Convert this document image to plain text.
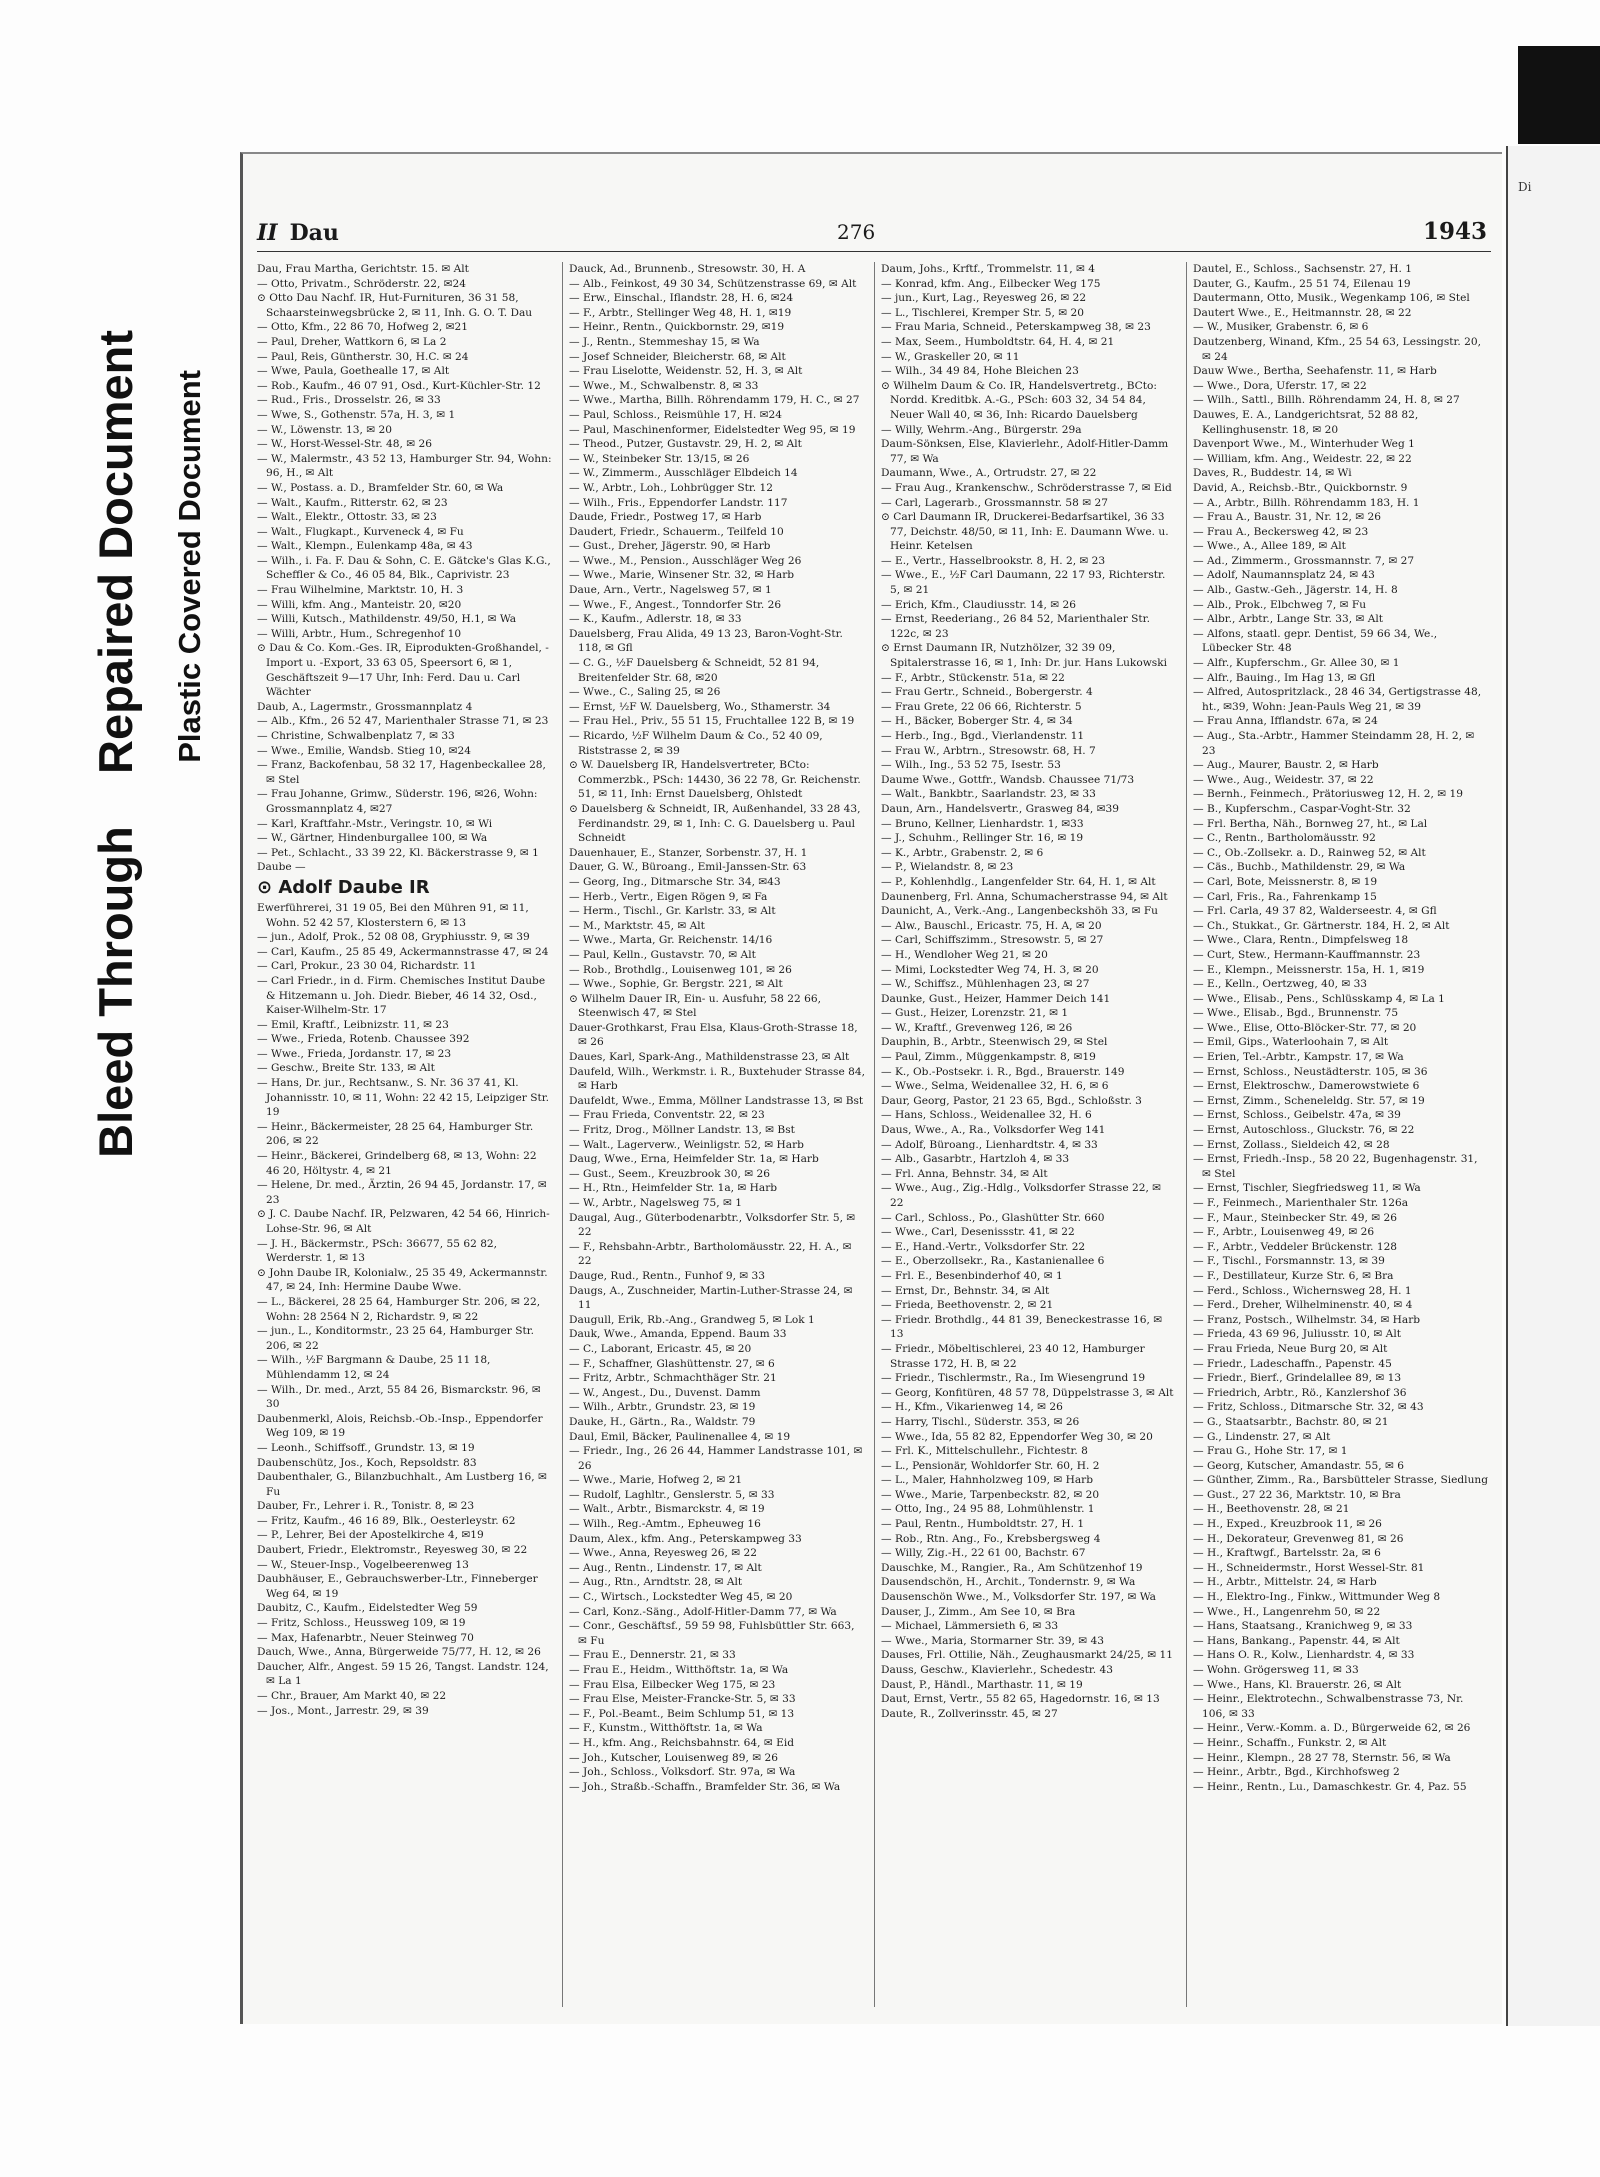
Di
Bleed Through    Repaired Document Plastic Covered Document
II Dau	276	1943
Dau, Frau Martha, Gerichtstr. 15. ✉ Alt
— Otto, Privatm., Schröderstr. 22, ✉24
⊙ Otto Dau Nachf. IR, Hut-Furnituren, 36 31 58, Schaarsteinwegsbrücke 2, ✉ 11, Inh. G. O. T. Dau
— Otto, Kfm., 22 86 70, Hofweg 2, ✉21
— Paul, Dreher, Wattkorn 6, ✉ La 2
— Paul, Reis, Güntherstr. 30, H.C. ✉ 24
— Wwe, Paula, Goethealle 17, ✉ Alt
— Rob., Kaufm., 46 07 91, Osd., Kurt-Küchler-Str. 12
— Rud., Fris., Drosselstr. 26, ✉ 33
— Wwe, S., Gothenstr. 57a, H. 3, ✉ 1
— W., Löwenstr. 13, ✉ 20
— W., Horst-Wessel-Str. 48, ✉ 26
— W., Malermstr., 43 52 13, Hamburger Str. 94, Wohn: 96, H., ✉ Alt
— W., Postass. a. D., Bramfelder Str. 60, ✉ Wa
— Walt., Kaufm., Ritterstr. 62, ✉ 23
— Walt., Elektr., Ottostr. 33, ✉ 23
— Walt., Flugkapt., Kurveneck 4, ✉ Fu
— Walt., Klempn., Eulenkamp 48a, ✉ 43
— Wilh., i. Fa. F. Dau & Sohn, C. E. Gätcke's Glas K.G., Scheffler & Co., 46 05 84, Blk., Caprivistr. 23
— Frau Wilhelmine, Marktstr. 10, H. 3
— Willi, kfm. Ang., Manteistr. 20, ✉20
— Willi, Kutsch., Mathildenstr. 49/50, H.1, ✉ Wa
— Willi, Arbtr., Hum., Schregenhof 10
⊙ Dau & Co. Kom.-Ges. IR, Eiprodukten-Großhandel, -Import u. -Export, 33 63 05, Speersort 6, ✉ 1, Geschäftszeit 9—17 Uhr, Inh: Ferd. Dau u. Carl Wächter
Daub, A., Lagermstr., Grossmannplatz 4
— Alb., Kfm., 26 52 47, Marienthaler Strasse 71, ✉ 23
— Christine, Schwalbenplatz 7, ✉ 33
— Wwe., Emilie, Wandsb. Stieg 10, ✉24
— Franz, Backofenbau, 58 32 17, Hagenbeckallee 28, ✉ Stel
— Frau Johanne, Grimw., Süderstr. 196, ✉26, Wohn: Grossmannplatz 4, ✉27
— Karl, Kraftfahr.-Mstr., Veringstr. 10, ✉ Wi
— W., Gärtner, Hindenburgallee 100, ✉ Wa
— Pet., Schlacht., 33 39 22, Kl. Bäckerstrasse 9, ✉ 1
Daube —
⊙ Adolf Daube IR
Ewerführerei, 31 19 05, Bei den Mühren 91, ✉ 11, Wohn. 52 42 57, Klosterstern 6, ✉ 13
— jun., Adolf, Prok., 52 08 08, Gryphiusstr. 9, ✉ 39
— Carl, Kaufm., 25 85 49, Ackermannstrasse 47, ✉ 24
— Carl, Prokur., 23 30 04, Richardstr. 11
— Carl Friedr., in d. Firm. Chemisches Institut Daube & Hitzemann u. Joh. Diedr. Bieber, 46 14 32, Osd., Kaiser-Wilhelm-Str. 17
— Emil, Kraftf., Leibnizstr. 11, ✉ 23
— Wwe., Frieda, Rotenb. Chaussee 392
— Wwe., Frieda, Jordanstr. 17, ✉ 23
— Geschw., Breite Str. 133, ✉ Alt
— Hans, Dr. jur., Rechtsanw., S. Nr. 36 37 41, Kl. Johannisstr. 10, ✉ 11, Wohn: 22 42 15, Leipziger Str. 19
— Heinr., Bäckermeister, 28 25 64, Hamburger Str. 206, ✉ 22
— Heinr., Bäckerei, Grindelberg 68, ✉ 13, Wohn: 22 46 20, Höltystr. 4, ✉ 21
— Helene, Dr. med., Ärztin, 26 94 45, Jordanstr. 17, ✉ 23
⊙ J. C. Daube Nachf. IR, Pelzwaren, 42 54 66, Hinrich-Lohse-Str. 96, ✉ Alt
— J. H., Bäckermstr., PSch: 36677, 55 62 82, Werderstr. 1, ✉ 13
⊙ John Daube IR, Kolonialw., 25 35 49, Ackermannstr. 47, ✉ 24, Inh: Hermine Daube Wwe.
— L., Bäckerei, 28 25 64, Hamburger Str. 206, ✉ 22, Wohn: 28 2564 N 2, Richardstr. 9, ✉ 22
— jun., L., Konditormstr., 23 25 64, Hamburger Str. 206, ✉ 22
— Wilh., ½F Bargmann & Daube, 25 11 18, Mühlendamm 12, ✉ 24
— Wilh., Dr. med., Arzt, 55 84 26, Bismarckstr. 96, ✉ 30
Daubenmerkl, Alois, Reichsb.-Ob.-Insp., Eppendorfer Weg 109, ✉ 19
— Leonh., Schiffsoff., Grundstr. 13, ✉ 19
Daubenschütz, Jos., Koch, Repsoldstr. 83
Daubenthaler, G., Bilanzbuchhalt., Am Lustberg 16, ✉ Fu
Dauber, Fr., Lehrer i. R., Tonistr. 8, ✉ 23
— Fritz, Kaufm., 46 16 89, Blk., Oesterleystr. 62
— P., Lehrer, Bei der Apostelkirche 4, ✉19
Daubert, Friedr., Elektromstr., Reyesweg 30, ✉ 22
— W., Steuer-Insp., Vogelbeerenweg 13
Daubhäuser, E., Gebrauchswerber-Ltr., Finneberger Weg 64, ✉ 19
Daubitz, C., Kaufm., Eidelstedter Weg 59
— Fritz, Schloss., Heussweg 109, ✉ 19
— Max, Hafenarbtr., Neuer Steinweg 70
Dauch, Wwe., Anna, Bürgerweide 75/77, H. 12, ✉ 26
Daucher, Alfr., Angest. 59 15 26, Tangst. Landstr. 124, ✉ La 1
— Chr., Brauer, Am Markt 40, ✉ 22
— Jos., Mont., Jarrestr. 29, ✉ 39
Dauck, Ad., Brunnenb., Stresowstr. 30, H. A
— Alb., Feinkost, 49 30 34, Schützenstrasse 69, ✉ Alt
— Erw., Einschal., Iflandstr. 28, H. 6, ✉24
— F., Arbtr., Stellinger Weg 48, H. 1, ✉19
— Heinr., Rentn., Quickbornstr. 29, ✉19
— J., Rentn., Stemmeshay 15, ✉ Wa
— Josef Schneider, Bleicherstr. 68, ✉ Alt
— Frau Liselotte, Weidenstr. 52, H. 3, ✉ Alt
— Wwe., M., Schwalbenstr. 8, ✉ 33
— Wwe., Martha, Billh. Röhrendamm 179, H. C., ✉ 27
— Paul, Schloss., Reismühle 17, H. ✉24
— Paul, Maschinenformer, Eidelstedter Weg 95, ✉ 19
— Theod., Putzer, Gustavstr. 29, H. 2, ✉ Alt
— W., Steinbeker Str. 13/15, ✉ 26
— W., Zimmerm., Ausschläger Elbdeich 14
— W., Arbtr., Loh., Lohbrügger Str. 12
— Wilh., Fris., Eppendorfer Landstr. 117
Daude, Friedr., Postweg 17, ✉ Harb
Daudert, Friedr., Schauerm., Teilfeld 10
— Gust., Dreher, Jägerstr. 90, ✉ Harb
— Wwe., M., Pension., Ausschläger Weg 26
— Wwe., Marie, Winsener Str. 32, ✉ Harb
Daue, Arn., Vertr., Nagelsweg 57, ✉ 1
— Wwe., F., Angest., Tonndorfer Str. 26
— K., Kaufm., Adlerstr. 18, ✉ 33
Dauelsberg, Frau Alida, 49 13 23, Baron-Voght-Str. 118, ✉ Gfl
— C. G., ½F Dauelsberg & Schneidt, 52 81 94, Breitenfelder Str. 68, ✉20
— Wwe., C., Saling 25, ✉ 26
— Ernst, ½F W. Dauelsberg, Wo., Sthamerstr. 34
— Frau Hel., Priv., 55 51 15, Fruchtallee 122 B, ✉ 19
— Ricardo, ½F Wilhelm Daum & Co., 52 40 09, Riststrasse 2, ✉ 39
⊙ W. Dauelsberg IR, Handelsvertreter, BCto: Commerzbk., PSch: 14430, 36 22 78, Gr. Reichenstr. 51, ✉ 11, Inh: Ernst Dauelsberg, Ohlstedt
⊙ Dauelsberg & Schneidt, IR, Außenhandel, 33 28 43, Ferdinandstr. 29, ✉ 1, Inh: C. G. Dauelsberg u. Paul Schneidt
Dauenhauer, E., Stanzer, Sorbenstr. 37, H. 1
Dauer, G. W., Büroang., Emil-Janssen-Str. 63
— Georg, Ing., Ditmarsche Str. 34, ✉43
— Herb., Vertr., Eigen Rögen 9, ✉ Fa
— Herm., Tischl., Gr. Karlstr. 33, ✉ Alt
— M., Marktstr. 45, ✉ Alt
— Wwe., Marta, Gr. Reichenstr. 14/16
— Paul, Kelln., Gustavstr. 70, ✉ Alt
— Rob., Brothdlg., Louisenweg 101, ✉ 26
— Wwe., Sophie, Gr. Bergstr. 221, ✉ Alt
⊙ Wilhelm Dauer IR, Ein- u. Ausfuhr, 58 22 66, Steenwisch 47, ✉ Stel
Dauer-Grothkarst, Frau Elsa, Klaus-Groth-Strasse 18, ✉ 26
Daues, Karl, Spark-Ang., Mathildenstrasse 23, ✉ Alt
Daufeld, Wilh., Werkmstr. i. R., Buxtehuder Strasse 84, ✉ Harb
Daufeldt, Wwe., Emma, Möllner Landstrasse 13, ✉ Bst
— Frau Frieda, Conventstr. 22, ✉ 23
— Fritz, Drog., Möllner Landstr. 13, ✉ Bst
— Walt., Lagerverw., Weinligstr. 52, ✉ Harb
Daug, Wwe., Erna, Heimfelder Str. 1a, ✉ Harb
— Gust., Seem., Kreuzbrook 30, ✉ 26
— H., Rtn., Heimfelder Str. 1a, ✉ Harb
— W., Arbtr., Nagelsweg 75, ✉ 1
Daugal, Aug., Güterbodenarbtr., Volksdorfer Str. 5, ✉ 22
— F., Rehsbahn-Arbtr., Bartholomäusstr. 22, H. A., ✉ 22
Dauge, Rud., Rentn., Funhof 9, ✉ 33
Daugs, A., Zuschneider, Martin-Luther-Strasse 24, ✉ 11
Daugull, Erik, Rb.-Ang., Grandweg 5, ✉ Lok 1
Dauk, Wwe., Amanda, Eppend. Baum 33
— C., Laborant, Ericastr. 45, ✉ 20
— F., Schaffner, Glashüttenstr. 27, ✉ 6
— Fritz, Arbtr., Schmachthäger Str. 21
— W., Angest., Du., Duvenst. Damm
— Wilh., Arbtr., Grundstr. 23, ✉ 19
Dauke, H., Gärtn., Ra., Waldstr. 79
Daul, Emil, Bäcker, Paulinenallee 4, ✉ 19
— Friedr., Ing., 26 26 44, Hammer Landstrasse 101, ✉ 26
— Wwe., Marie, Hofweg 2, ✉ 21
— Rudolf, Laghltr., Genslerstr. 5, ✉ 33
— Walt., Arbtr., Bismarckstr. 4, ✉ 19
— Wilh., Reg.-Amtm., Epheuweg 16
Daum, Alex., kfm. Ang., Peterskampweg 33
— Wwe., Anna, Reyesweg 26, ✉ 22
— Aug., Rentn., Lindenstr. 17, ✉ Alt
— Aug., Rtn., Arndtstr. 28, ✉ Alt
— C., Wirtsch., Lockstedter Weg 45, ✉ 20
— Carl, Konz.-Säng., Adolf-Hitler-Damm 77, ✉ Wa
— Conr., Geschäftsf., 59 59 98, Fuhlsbüttler Str. 663, ✉ Fu
— Frau E., Dennerstr. 21, ✉ 33
— Frau E., Heidm., Witthöftstr. 1a, ✉ Wa
— Frau Elsa, Eilbecker Weg 175, ✉ 23
— Frau Else, Meister-Francke-Str. 5, ✉ 33
— F., Pol.-Beamt., Beim Schlump 51, ✉ 13
— F., Kunstm., Witthöftstr. 1a, ✉ Wa
— H., kfm. Ang., Reichsbahnstr. 64, ✉ Eid
— Joh., Kutscher, Louisenweg 89, ✉ 26
— Joh., Schloss., Volksdorf. Str. 97a, ✉ Wa
— Joh., Straßb.-Schaffn., Bramfelder Str. 36, ✉ Wa
Daum, Johs., Krftf., Trommelstr. 11, ✉ 4
— Konrad, kfm. Ang., Eilbecker Weg 175
— jun., Kurt, Lag., Reyesweg 26, ✉ 22
— L., Tischlerei, Kremper Str. 5, ✉ 20
— Frau Maria, Schneid., Peterskampweg 38, ✉ 23
— Max, Seem., Humboldtstr. 64, H. 4, ✉ 21
— W., Graskeller 20, ✉ 11
— Wilh., 34 49 84, Hohe Bleichen 23
⊙ Wilhelm Daum & Co. IR, Handelsvertretg., BCto: Nordd. Kreditbk. A.-G., PSch: 603 32, 34 54 84, Neuer Wall 40, ✉ 36, Inh: Ricardo Dauelsberg
— Willy, Wehrm.-Ang., Bürgerstr. 29a
Daum-Sönksen, Else, Klavierlehr., Adolf-Hitler-Damm 77, ✉ Wa
Daumann, Wwe., A., Ortrudstr. 27, ✉ 22
— Frau Aug., Krankenschw., Schröderstrasse 7, ✉ Eid
— Carl, Lagerarb., Grossmannstr. 58 ✉ 27
⊙ Carl Daumann IR, Druckerei-Bedarfsartikel, 36 33 77, Deichstr. 48/50, ✉ 11, Inh: E. Daumann Wwe. u. Heinr. Ketelsen
— E., Vertr., Hasselbrookstr. 8, H. 2, ✉ 23
— Wwe., E., ½F Carl Daumann, 22 17 93, Richterstr. 5, ✉ 21
— Erich, Kfm., Claudiusstr. 14, ✉ 26
— Ernst, Reederiang., 26 84 52, Marienthaler Str. 122c, ✉ 23
⊙ Ernst Daumann IR, Nutzhölzer, 32 39 09, Spitalerstrasse 16, ✉ 1, Inh: Dr. jur. Hans Lukowski
— F., Arbtr., Stückenstr. 51a, ✉ 22
— Frau Gertr., Schneid., Bobergerstr. 4
— Frau Grete, 22 06 66, Richterstr. 5
— H., Bäcker, Boberger Str. 4, ✉ 34
— Herb., Ing., Bgd., Vierlandenstr. 11
— Frau W., Arbtrn., Stresowstr. 68, H. 7
— Wilh., Ing., 53 52 75, Isestr. 53
Daume Wwe., Gottfr., Wandsb. Chaussee 71/73
— Walt., Bankbtr., Saarlandstr. 23, ✉ 33
Daun, Arn., Handelsvertr., Grasweg 84, ✉39
— Bruno, Kellner, Lienhardstr. 1, ✉33
— J., Schuhm., Rellinger Str. 16, ✉ 19
— K., Arbtr., Grabenstr. 2, ✉ 6
— P., Wielandstr. 8, ✉ 23
— P., Kohlenhdlg., Langenfelder Str. 64, H. 1, ✉ Alt
Daunenberg, Frl. Anna, Schumacherstrasse 94, ✉ Alt
Daunicht, A., Verk.-Ang., Langenbeckshöh 33, ✉ Fu
— Alw., Bauschl., Ericastr. 75, H. A, ✉ 20
— Carl, Schiffszimm., Stresowstr. 5, ✉ 27
— H., Wendloher Weg 21, ✉ 20
— Mimi, Lockstedter Weg 74, H. 3, ✉ 20
— W., Schiffsz., Mühlenhagen 23, ✉ 27
Daunke, Gust., Heizer, Hammer Deich 141
— Gust., Heizer, Lorenzstr. 21, ✉ 1
— W., Kraftf., Grevenweg 126, ✉ 26
Dauphin, B., Arbtr., Steenwisch 29, ✉ Stel
— Paul, Zimm., Müggenkampstr. 8, ✉19
— K., Ob.-Postsekr. i. R., Bgd., Brauerstr. 149
— Wwe., Selma, Weidenallee 32, H. 6, ✉ 6
Daur, Georg, Pastor, 21 23 65, Bgd., Schloßstr. 3
— Hans, Schloss., Weidenallee 32, H. 6
Daus, Wwe., A., Ra., Volksdorfer Weg 141
— Adolf, Büroang., Lienhardtstr. 4, ✉ 33
— Alb., Gasarbtr., Hartzloh 4, ✉ 33
— Frl. Anna, Behnstr. 34, ✉ Alt
— Wwe., Aug., Zig.-Hdlg., Volksdorfer Strasse 22, ✉ 22
— Carl., Schloss., Po., Glashütter Str. 660
— Wwe., Carl, Desenissstr. 41, ✉ 22
— E., Hand.-Vertr., Volksdorfer Str. 22
— E., Oberzollsekr., Ra., Kastanienallee 6
— Frl. E., Besenbinderhof 40, ✉ 1
— Ernst, Dr., Behnstr. 34, ✉ Alt
— Frieda, Beethovenstr. 2, ✉ 21
— Friedr. Brothdlg., 44 81 39, Beneckestrasse 16, ✉ 13
— Friedr., Möbeltischlerei, 23 40 12, Hamburger Strasse 172, H. B, ✉ 22
— Friedr., Tischlermstr., Ra., Im Wiesengrund 19
— Georg, Konfitüren, 48 57 78, Düppelstrasse 3, ✉ Alt
— H., Kfm., Vikarienweg 14, ✉ 26
— Harry, Tischl., Süderstr. 353, ✉ 26
— Wwe., Ida, 55 82 82, Eppendorfer Weg 30, ✉ 20
— Frl. K., Mittelschullehr., Fichtestr. 8
— L., Pensionär, Wohldorfer Str. 60, H. 2
— L., Maler, Hahnholzweg 109, ✉ Harb
— Wwe., Marie, Tarpenbeckstr. 82, ✉ 20
— Otto, Ing., 24 95 88, Lohmühlenstr. 1
— Paul, Rentn., Humboldtstr. 27, H. 1
— Rob., Rtn. Ang., Fo., Krebsbergsweg 4
— Willy, Zig.-H., 22 61 00, Bachstr. 67
Dauschke, M., Rangier., Ra., Am Schützenhof 19
Dausendschön, H., Archit., Tondernstr. 9, ✉ Wa
Dausenschön Wwe., M., Volksdorfer Str. 197, ✉ Wa
Dauser, J., Zimm., Am See 10, ✉ Bra
— Michael, Lämmersieth 6, ✉ 33
— Wwe., Maria, Stormarner Str. 39, ✉ 43
Dauses, Frl. Ottilie, Näh., Zeughausmarkt 24/25, ✉ 11
Dauss, Geschw., Klavierlehr., Schedestr. 43
Daust, P., Händl., Marthastr. 11, ✉ 19
Daut, Ernst, Vertr., 55 82 65, Hagedornstr. 16, ✉ 13
Daute, R., Zollverinsstr. 45, ✉ 27
Dautel, E., Schloss., Sachsenstr. 27, H. 1
Dauter, G., Kaufm., 25 51 74, Eilenau 19
Dautermann, Otto, Musik., Wegenkamp 106, ✉ Stel
Dautert Wwe., E., Heitmannstr. 28, ✉ 22
— W., Musiker, Grabenstr. 6, ✉ 6
Dautzenberg, Winand, Kfm., 25 54 63, Lessingstr. 20, ✉ 24
Dauw Wwe., Bertha, Seehafenstr. 11, ✉ Harb
— Wwe., Dora, Uferstr. 17, ✉ 22
— Wilh., Sattl., Billh. Röhrendamm 24, H. 8, ✉ 27
Dauwes, E. A., Landgerichtsrat, 52 88 82, Kellinghusenstr. 18, ✉ 20
Davenport Wwe., M., Winterhuder Weg 1
— William, kfm. Ang., Weidestr. 22, ✉ 22
Daves, R., Buddestr. 14, ✉ Wi
David, A., Reichsb.-Btr., Quickbornstr. 9
— A., Arbtr., Billh. Röhrendamm 183, H. 1
— Frau A., Baustr. 31, Nr. 12, ✉ 26
— Frau A., Beckersweg 42, ✉ 23
— Wwe., A., Allee 189, ✉ Alt
— Ad., Zimmerm., Grossmannstr. 7, ✉ 27
— Adolf, Naumannsplatz 24, ✉ 43
— Alb., Gastw.-Geh., Jägerstr. 14, H. 8
— Alb., Prok., Elbchweg 7, ✉ Fu
— Albr., Arbtr., Lange Str. 33, ✉ Alt
— Alfons, staatl. gepr. Dentist, 59 66 34, We., Lübecker Str. 48
— Alfr., Kupferschm., Gr. Allee 30, ✉ 1
— Alfr., Bauing., Im Hag 13, ✉ Gfl
— Alfred, Autospritzlack., 28 46 34, Gertigstrasse 48, ht., ✉39, Wohn: Jean-Pauls Weg 21, ✉ 39
— Frau Anna, Ifflandstr. 67a, ✉ 24
— Aug., Sta.-Arbtr., Hammer Steindamm 28, H. 2, ✉ 23
— Aug., Maurer, Baustr. 2, ✉ Harb
— Wwe., Aug., Weidestr. 37, ✉ 22
— Bernh., Feinmech., Prätoriusweg 12, H. 2, ✉ 19
— B., Kupferschm., Caspar-Voght-Str. 32
— Frl. Bertha, Näh., Bornweg 27, ht., ✉ Lal
— C., Rentn., Bartholomäusstr. 92
— C., Ob.-Zollsekr. a. D., Rainweg 52, ✉ Alt
— Cäs., Buchb., Mathildenstr. 29, ✉ Wa
— Carl, Bote, Meissnerstr. 8, ✉ 19
— Carl, Fris., Ra., Fahrenkamp 15
— Frl. Carla, 49 37 82, Walderseestr. 4, ✉ Gfl
— Ch., Stukkat., Gr. Gärtnerstr. 184, H. 2, ✉ Alt
— Wwe., Clara, Rentn., Dimpfelsweg 18
— Curt, Stew., Hermann-Kauffmannstr. 23
— E., Klempn., Meissnerstr. 15a, H. 1, ✉19
— E., Kelln., Oertzweg, 40, ✉ 33
— Wwe., Elisab., Pens., Schlüsskamp 4, ✉ La 1
— Wwe., Elisab., Bgd., Brunnenstr. 75
— Wwe., Elise, Otto-Blöcker-Str. 77, ✉ 20
— Emil, Gips., Waterloohain 7, ✉ Alt
— Erien, Tel.-Arbtr., Kampstr. 17, ✉ Wa
— Ernst, Schloss., Neustädterstr. 105, ✉ 36
— Ernst, Elektroschw., Damerowstwiete 6
— Ernst, Zimm., Scheneleldg. Str. 57, ✉ 19
— Ernst, Schloss., Geibelstr. 47a, ✉ 39
— Ernst, Autoschloss., Gluckstr. 76, ✉ 22
— Ernst, Zollass., Sieldeich 42, ✉ 28
— Ernst, Friedh.-Insp., 58 20 22, Bugenhagenstr. 31, ✉ Stel
— Ernst, Tischler, Siegfriedsweg 11, ✉ Wa
— F., Feinmech., Marienthaler Str. 126a
— F., Maur., Steinbecker Str. 49, ✉ 26
— F., Arbtr., Louisenweg 49, ✉ 26
— F., Arbtr., Veddeler Brückenstr. 128
— F., Tischl., Forsmannstr. 13, ✉ 39
— F., Destillateur, Kurze Str. 6, ✉ Bra
— Ferd., Schloss., Wichernsweg 28, H. 1
— Ferd., Dreher, Wilhelminenstr. 40, ✉ 4
— Franz, Postsch., Wilhelmstr. 34, ✉ Harb
— Frieda, 43 69 96, Juliusstr. 10, ✉ Alt
— Frau Frieda, Neue Burg 20, ✉ Alt
— Friedr., Ladeschaffn., Papenstr. 45
— Friedr., Bierf., Grindelallee 89, ✉ 13
— Friedrich, Arbtr., Rö., Kanzlershof 36
— Fritz, Schloss., Ditmarsche Str. 32, ✉ 43
— G., Staatsarbtr., Bachstr. 80, ✉ 21
— G., Lindenstr. 27, ✉ Alt
— Frau G., Hohe Str. 17, ✉ 1
— Georg, Kutscher, Amandastr. 55, ✉ 6
— Günther, Zimm., Ra., Barsbütteler Strasse, Siedlung
— Gust., 27 22 36, Marktstr. 10, ✉ Bra
— H., Beethovenstr. 28, ✉ 21
— H., Exped., Kreuzbrook 11, ✉ 26
— H., Dekorateur, Grevenweg 81, ✉ 26
— H., Kraftwgf., Bartelsstr. 2a, ✉ 6
— H., Schneidermstr., Horst Wessel-Str. 81
— H., Arbtr., Mittelstr. 24, ✉ Harb
— H., Elektro-Ing., Finkw., Wittmunder Weg 8
— Wwe., H., Langenrehm 50, ✉ 22
— Hans, Staatsang., Kranichweg 9, ✉ 33
— Hans, Bankang., Papenstr. 44, ✉ Alt
— Hans O. R., Kolw., Lienhardstr. 4, ✉ 33
— Wohn. Grögersweg 11, ✉ 33
— Wwe., Hans, Kl. Brauerstr. 26, ✉ Alt
— Heinr., Elektrotechn., Schwalbenstrasse 73, Nr. 106, ✉ 33
— Heinr., Verw.-Komm. a. D., Bürgerweide 62, ✉ 26
— Heinr., Schaffn., Funkstr. 2, ✉ Alt
— Heinr., Klempn., 28 27 78, Sternstr. 56, ✉ Wa
— Heinr., Arbtr., Bgd., Kirchhofsweg 2
— Heinr., Rentn., Lu., Damaschkestr. Gr. 4, Paz. 55
